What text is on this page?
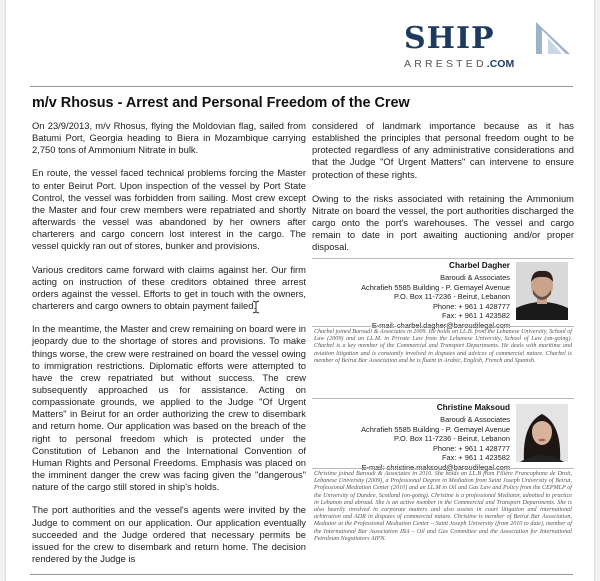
SHIP
ARRESTED.COM
m/v Rhosus - Arrest and Personal Freedom of the Crew

On 23/9/2013, m/v Rhosus, flying the Moldovian flag, sailed from Batumi Port, Georgia heading to Biera in Mozambique carrying 2,750 tons of Ammonium Nitrate in bulk.

En route, the vessel faced technical problems forcing the Master to enter Beirut Port. Upon inspection of the vessel by Port State Control, the vessel was forbidden from sailing. Most crew except the Master and four crew members were repatriated and shortly afterwards the vessel was abandoned by her owners after charterers and cargo concern lost interest in the cargo. The vessel quickly ran out of stores, bunker and provisions.

Various creditors came forward with claims against her. Our firm acting on instruction of these creditors obtained three arrest orders against the vessel. Efforts to get in touch with the owners, charterers and cargo owners to obtain payment failed.

In the meantime, the Master and crew remaining on board were in jeopardy due to the shortage of stores and provisions. To make things worse, the crew were restrained on board the vessel owing to immigration restrictions. Diplomatic efforts were attempted to have the crew repatriated but without success. The crew subsequently approached us for assistance. Acting on compassionate grounds, we applied to the Judge "Of Urgent Matters" in Beirut for an order authorizing the crew to disembark and return home. Our application was based on the breach of the right to personal freedom which is protected under the Constitution of Lebanon and the International Convention of Human Rights and Personal Freedoms. Emphasis was placed on the imminent danger the crew was facing given the "dangerous" nature of the cargo still stored in ship's holds.

The port authorities and the vessel's agents were invited by the Judge to comment on our application. Our application eventually succeeded and the Judge ordered that necessary permits be issued for the crew to disembark and return home. The decision rendered by the Judge is

considered of landmark importance because as it has established the principles that personal freedom ought to be protected regardless of any administrative considerations and that the Judge "Of Urgent Matters" can intervene to ensure protection of these rights.

Owing to the risks associated with retaining the Ammonium Nitrate on board the vessel, the port authorities discharged the cargo onto the port's warehouses. The vessel and cargo remain to date in port awaiting auctioning and/or proper disposal.

Charbel Dagher
Baroudi & Associates
Achrafieh 5585 Building - P. Gemayel Avenue
P.O. Box 11-7236 - Beirut, Lebanon
Phone: + 961 1 428777
Fax: + 961 1 423582
Charbel joined Baroudi & Associates in 2009. He holds an LL.B. from the Lebanese University, School of Law (2009) and an LL.M. in Private Law from the Lebanese University, School of Law (on-going). Charbel is a key member of the Commercial and Transport Departments. He deals with maritime and aviation litigation and is constantly involved in disputes and advices of commercial nature. Charbel is member of Beirut Bar Association and he is fluent in Arabic, English, French and Spanish.
Christine Maksoud
Baroudi & Associates
Achrafieh 5585 Building - P. Gemayel Avenue
P.O. Box 11-7236 - Beirut, Lebanon
Phone: + 961 1 428777
Fax: + 961 1 423582
Christine joined Baroudi & Associates in 2010. She holds an LL.B from Filière Francophone de Droit, Lebanese University (2009), a Professional Degree in Mediation from Saint Joseph University of Beirut, Professional Mediation Center (2010) and an LL.M in Oil and Gas Law and Policy from the CEPMLP of the University of Dundee, Scotland (on-going). Christine is a professional Mediator, admitted to practice in Lebanon and abroad. She is an active member in the Commercial and Transport Departments. She is also heavily involved in corporate matters and also assists in court litigation and international arbitration and ADR in disputes of commercial nature. Christine is member of Beirut Bar Association, Mediator at the Professional Mediation Center – Saint Joseph University (from 2010 to date), member of the International Bar Association IBA – Oil and Gas Committee and the Association for International Petroleum Negotiators AIPN.
